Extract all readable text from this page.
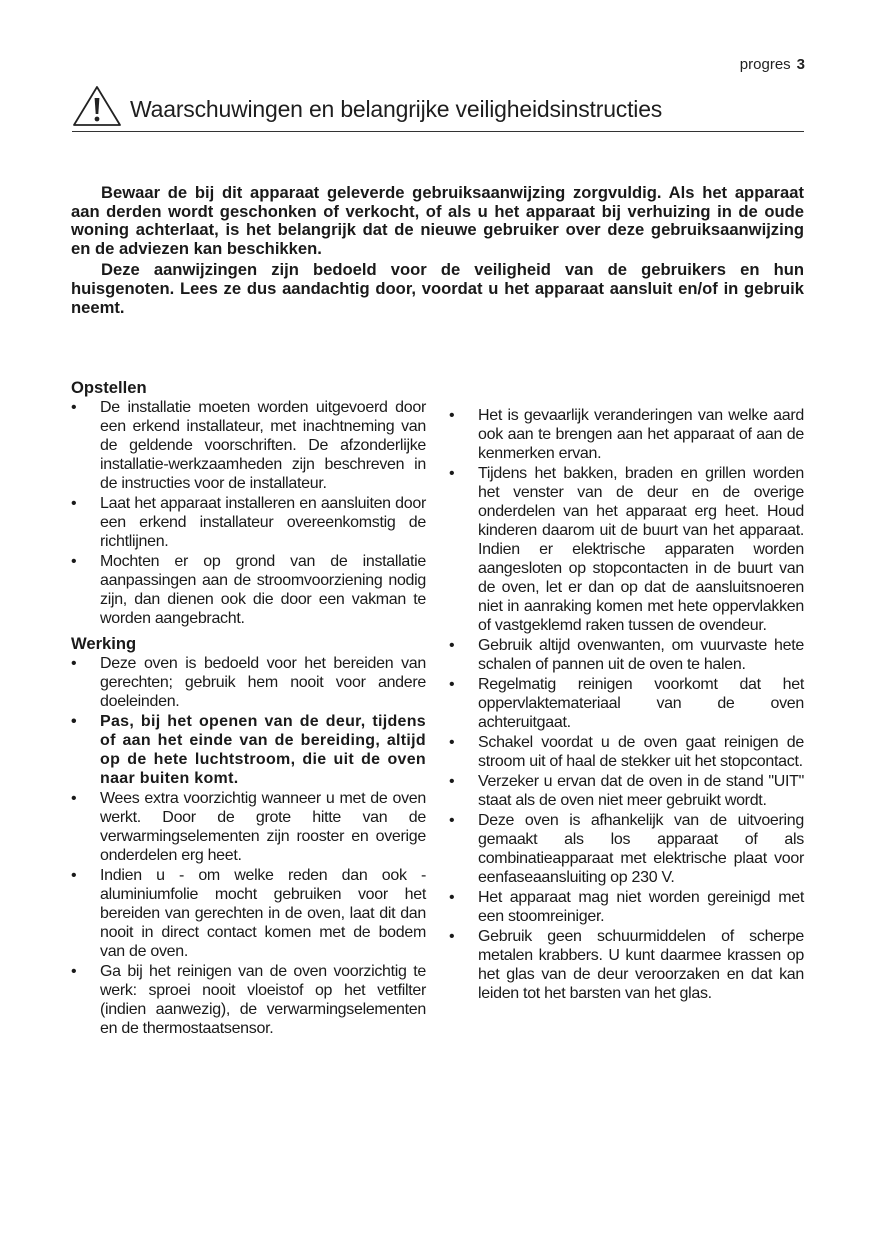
progres 3
Waarschuwingen en belangrijke veiligheidsinstructies

Bewaar de bij dit apparaat geleverde gebruiksaanwijzing zorgvuldig. Als het apparaat aan derden wordt geschonken of verkocht, of als u het apparaat bij verhuizing in de oude woning achterlaat, is het belangrijk dat de nieuwe gebruiker over deze gebruiksaanwijzing en de adviezen kan beschikken.

Deze aanwijzingen zijn bedoeld voor de veiligheid van de gebruikers en hun huisgenoten. Lees ze dus aandachtig door, voordat u het apparaat aansluit en/of in gebruik neemt.

Opstellen
• De installatie moeten worden uitgevoerd door een erkend installateur, met inachtneming van de geldende voorschriften. De afzonderlijke installatie-werkzaamheden zijn beschreven in de instructies voor de installateur.
• Laat het apparaat installeren en aansluiten door een erkend installateur overeenkomstig de richtlijnen.
• Mochten er op grond van de installatie aanpassingen aan de stroomvoorziening nodig zijn, dan dienen ook die door een vakman te worden aangebracht.
Werking
• Deze oven is bedoeld voor het bereiden van gerechten; gebruik hem nooit voor andere doeleinden.
• Pas, bij het openen van de deur, tijdens of aan het einde van de bereiding, altijd op de hete luchtstroom, die uit de oven naar buiten komt.
• Wees extra voorzichtig wanneer u met de oven werkt. Door de grote hitte van de verwarmingselementen zijn rooster en overige onderdelen erg heet.
• Indien u - om welke reden dan ook - aluminiumfolie mocht gebruiken voor het bereiden van gerechten in de oven, laat dit dan nooit in direct contact komen met de bodem van de oven.
• Ga bij het reinigen van de oven voorzichtig te werk: sproei nooit vloeistof op het vetfilter (indien aanwezig), de verwarmingselementen en de thermostaatsensor.
• Het is gevaarlijk veranderingen van welke aard ook aan te brengen aan het apparaat of aan de kenmerken ervan.
• Tijdens het bakken, braden en grillen worden het venster van de deur en de overige onderdelen van het apparaat erg heet. Houd kinderen daarom uit de buurt van het apparaat. Indien er elektrische apparaten worden aangesloten op stopcontacten in de buurt van de oven, let er dan op dat de aansluitsnoeren niet in aanraking komen met hete oppervlakken of vastgeklemd raken tussen de ovendeur.
• Gebruik altijd ovenwanten, om vuurvaste hete schalen of pannen uit de oven te halen.
• Regelmatig reinigen voorkomt dat het oppervlaktemateriaal van de oven achteruitgaat.
• Schakel voordat u de oven gaat reinigen de stroom uit of haal de stekker uit het stopcontact.
• Verzeker u ervan dat de oven in de stand "UIT" staat als de oven niet meer gebruikt wordt.
• Deze oven is afhankelijk van de uitvoering gemaakt als los apparaat of als combinatieapparaat met elektrische plaat voor eenfaseaansluiting op 230 V.
• Het apparaat mag niet worden gereinigd met een stoomreiniger.
• Gebruik geen schuurmiddelen of scherpe metalen krabbers. U kunt daarmee krassen op het glas van de deur veroorzaken en dat kan leiden tot het barsten van het glas.
